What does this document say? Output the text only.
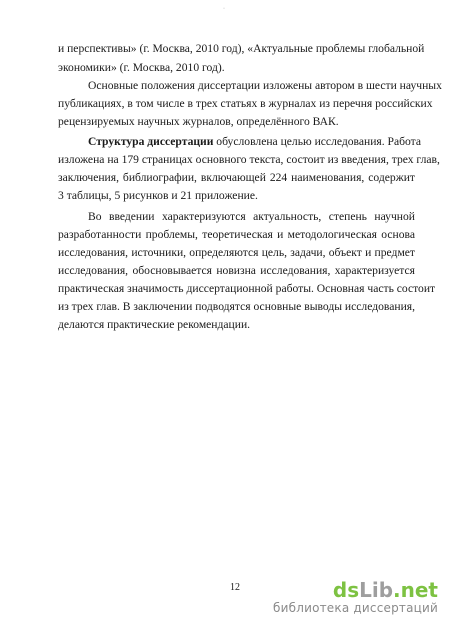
·
и перспективы» (г. Москва, 2010 год), «Актуальные проблемы глобальной
экономики» (г. Москва, 2010 год).
Основные положения диссертации изложены автором в шести научных
публикациях, в том числе в трех статьях в журналах из перечня российских
рецензируемых научных журналов, определённого ВАК.
Структура диссертации обусловлена целью исследования. Работа
изложена на 179 страницах основного текста, состоит из введения, трех глав,
заключения, библиографии, включающей 224 наименования, содержит
3 таблицы, 5 рисунков и 21 приложение.
Во введении характеризуются актуальность, степень научной
разработанности проблемы, теоретическая и методологическая основа
исследования, источники, определяются цель, задачи, объект и предмет
исследования, обосновывается новизна исследования, характеризуется
практическая значимость диссертационной работы. Основная часть состоит
из трех глав. В заключении подводятся основные выводы исследования,
делаются практические рекомендации.
12	dsLib.net
библиотека диссертаций
